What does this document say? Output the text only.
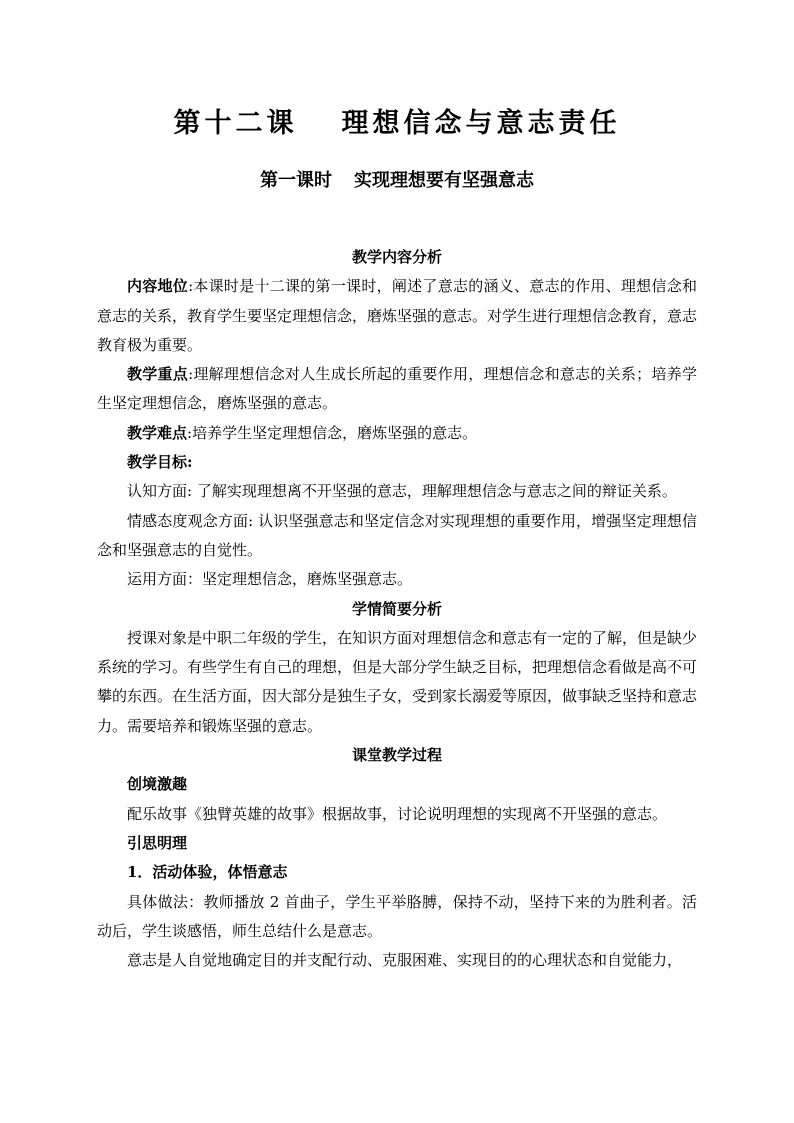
第十二课 理想信念与意志责任
第一课时 实现理想要有坚强意志

教学内容分析

内容地位:本课时是十二课的第一课时，阐述了意志的涵义、意志的作用、理想信念和意志的关系，教育学生要坚定理想信念，磨炼坚强的意志。对学生进行理想信念教育，意志教育极为重要。

教学重点:理解理想信念对人生成长所起的重要作用，理想信念和意志的关系；培养学生坚定理想信念，磨炼坚强的意志。

教学难点:培养学生坚定理想信念，磨炼坚强的意志。

教学目标:

认知方面: 了解实现理想离不开坚强的意志，理解理想信念与意志之间的辩证关系。

情感态度观念方面: 认识坚强意志和坚定信念对实现理想的重要作用，增强坚定理想信念和坚强意志的自觉性。

运用方面：坚定理想信念，磨炼坚强意志。

学情简要分析

授课对象是中职二年级的学生，在知识方面对理想信念和意志有一定的了解，但是缺少系统的学习。有些学生有自己的理想，但是大部分学生缺乏目标，把理想信念看做是高不可攀的东西。在生活方面，因大部分是独生子女，受到家长溺爱等原因，做事缺乏坚持和意志力。需要培养和锻炼坚强的意志。

课堂教学过程

创境激趣

配乐故事《独臂英雄的故事》根据故事，讨论说明理想的实现离不开坚强的意志。

引思明理

1．活动体验，体悟意志

具体做法：教师播放 2 首曲子，学生平举胳膊，保持不动，坚持下来的为胜利者。活动后，学生谈感悟，师生总结什么是意志。

意志是人自觉地确定目的并支配行动、克服困难、实现目的的心理状态和自觉能力，
